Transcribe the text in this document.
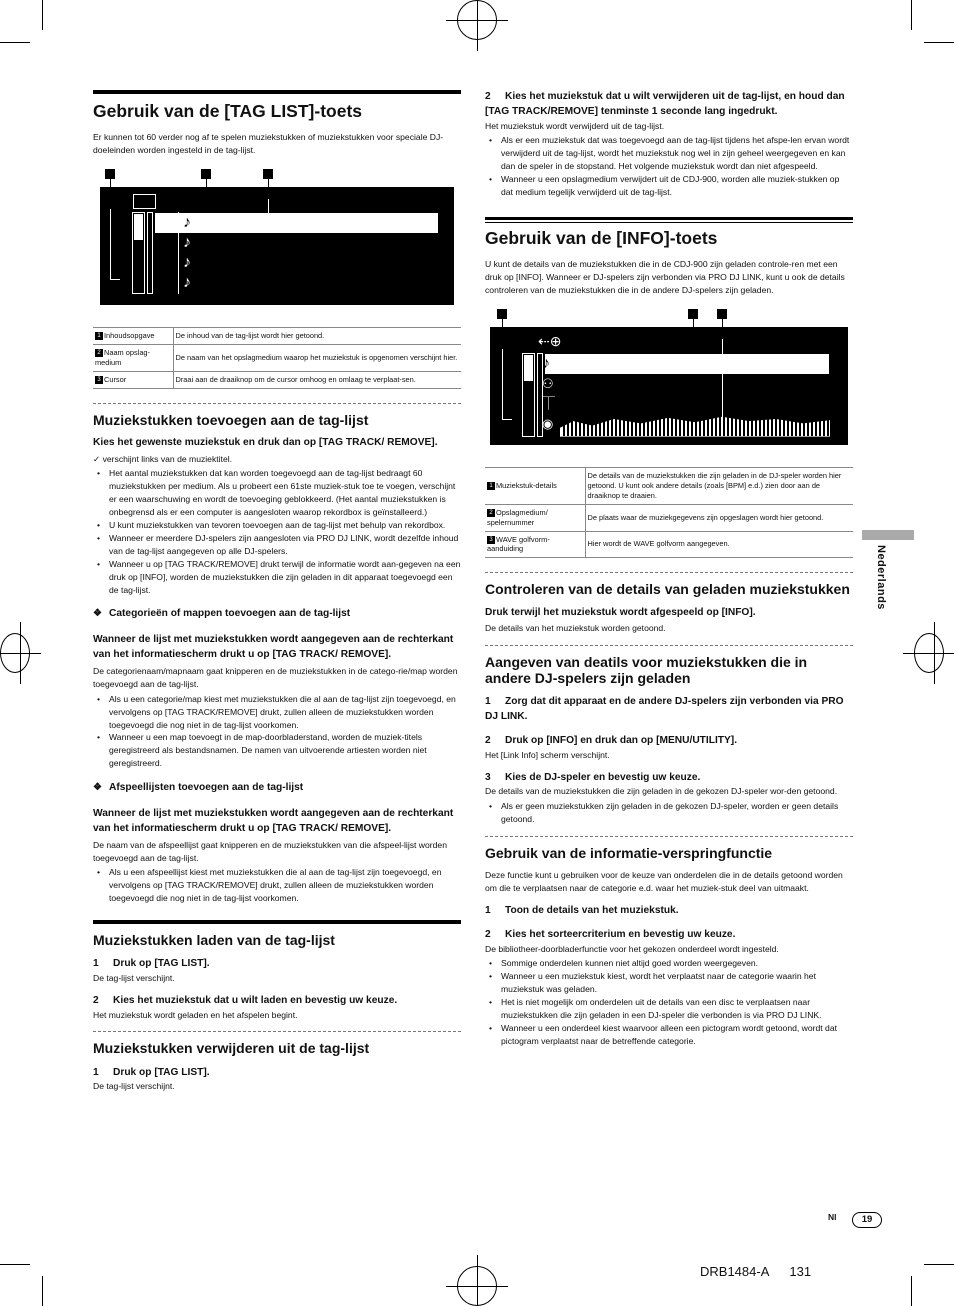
Gebruik van de [TAG LIST]-toets
Er kunnen tot 60 verder nog af te spelen muziekstukken of muziekstukken voor speciale DJ-doeleinden worden ingesteld in de tag-lijst.
♪
♪
♪
♪
1 Inhoudsopgave	De inhoud van de tag-lijst wordt hier getoond.
2 Naam opslag-medium	De naam van het opslagmedium waarop het muziekstuk is opgenomen verschijnt hier.
3 Cursor	Draai aan de draaiknop om de cursor omhoog en omlaag te verplaat-sen.
Muziekstukken toevoegen aan de tag-lijst
Kies het gewenste muziekstuk en druk dan op [TAG TRACK/ REMOVE].
✓ verschijnt links van de muziektitel.
• Het aantal muziekstukken dat kan worden toegevoegd aan de tag-lijst bedraagt 60 muziekstukken per medium. Als u probeert een 61ste muziek-stuk toe te voegen, verschijnt er een waarschuwing en wordt de toevoeging geblokkeerd. (Het aantal muziekstukken is onbegrensd als er een computer is aangesloten waarop rekordbox is geïnstalleerd.)
• U kunt muziekstukken van tevoren toevoegen aan de tag-lijst met behulp van rekordbox.
• Wanneer er meerdere DJ-spelers zijn aangesloten via PRO DJ LINK, wordt dezelfde inhoud van de tag-lijst aangegeven op alle DJ-spelers.
• Wanneer u op [TAG TRACK/REMOVE] drukt terwijl de informatie wordt aan-gegeven na een druk op [INFO], worden de muziekstukken die zijn geladen in dit apparaat toegevoegd een de tag-lijst.
❖ Categorieën of mappen toevoegen aan de tag-lijst
Wanneer de lijst met muziekstukken wordt aangegeven aan de rechterkant van het informatiescherm drukt u op [TAG TRACK/ REMOVE].
De categorienaam/mapnaam gaat knipperen en de muziekstukken in de catego-rie/map worden toegevoegd aan de tag-lijst.
• Als u een categorie/map kiest met muziekstukken die al aan de tag-lijst zijn toegevoegd, en vervolgens op [TAG TRACK/REMOVE] drukt, zullen alleen de muziekstukken worden toegevoegd die nog niet in de tag-lijst voorkomen.
• Wanneer u een map toevoegt in de map-doorbladerstand, worden de muziek-titels geregistreerd als bestandsnamen. De namen van uitvoerende artiesten worden niet geregistreerd.
❖ Afspeellijsten toevoegen aan de tag-lijst
Wanneer de lijst met muziekstukken wordt aangegeven aan de rechterkant van het informatiescherm drukt u op [TAG TRACK/ REMOVE].
De naam van de afspeellijst gaat knipperen en de muziekstukken van die afspeel-lijst worden toegevoegd aan de tag-lijst.
• Als u een afspeellijst kiest met muziekstukken die al aan de tag-lijst zijn toegevoegd, en vervolgens op [TAG TRACK/REMOVE] drukt, zullen alleen de muziekstukken worden toegevoegd die nog niet in de tag-lijst voorkomen.
Muziekstukken laden van de tag-lijst
1 Druk op [TAG LIST].
De tag-lijst verschijnt.
2 Kies het muziekstuk dat u wilt laden en bevestig uw keuze.
Het muziekstuk wordt geladen en het afspelen begint.
Muziekstukken verwijderen uit de tag-lijst
1 Druk op [TAG LIST].
De tag-lijst verschijnt.
2 Kies het muziekstuk dat u wilt verwijderen uit de tag-lijst, en houd dan [TAG TRACK/REMOVE] tenminste 1 seconde lang ingedrukt.
Het muziekstuk wordt verwijderd uit de tag-lijst.
• Als er een muziekstuk dat was toegevoegd aan de tag-lijst tijdens het afspe-len ervan wordt verwijderd uit de tag-lijst, wordt het muziekstuk nog wel in zijn geheel weergegeven en kan dan de speler in de stopstand. Het volgende muziekstuk wordt dan niet afgespeeld.
• Wanneer u een opslagmedium verwijdert uit de CDJ-900, worden alle muziek-stukken op dat medium tegelijk verwijderd uit de tag-lijst.
Gebruik van de [INFO]-toets
U kunt de details van de muziekstukken die in de CDJ-900 zijn geladen controle-ren met een druk op [INFO]. Wanneer er DJ-spelers zijn verbonden via PRO DJ LINK, kunt u ook de details controleren van de muziekstukken die in de andere DJ-spelers zijn geladen.
⇠⊕
♪
⚇
⏉
◉
1 Muziekstuk-details	De details van de muziekstukken die zijn geladen in de DJ-speler worden hier getoond. U kunt ook andere details (zoals [BPM] e.d.) zien door aan de draaiknop te draaien.
2 Opslagmedium/ spelernummer	De plaats waar de muziekgegevens zijn opgeslagen wordt hier getoond.
3 WAVE golfvorm-aanduiding	Hier wordt de WAVE golfvorm aangegeven.
Controleren van de details van geladen muziekstukken
Druk terwijl het muziekstuk wordt afgespeeld op [INFO].
De details van het muziekstuk worden getoond.
Aangeven van deatils voor muziekstukken die in andere DJ-spelers zijn geladen
1 Zorg dat dit apparaat en de andere DJ-spelers zijn verbonden via PRO DJ LINK.
2 Druk op [INFO] en druk dan op [MENU/UTILITY].
Het [Link Info] scherm verschijnt.
3 Kies de DJ-speler en bevestig uw keuze.
De details van de muziekstukken die zijn geladen in de gekozen DJ-speler wor-den getoond.
• Als er geen muziekstukken zijn geladen in de gekozen DJ-speler, worden er geen details getoond.
Gebruik van de informatie-verspringfunctie
Deze functie kunt u gebruiken voor de keuze van onderdelen die in de details getoond worden om die te verplaatsen naar de categorie e.d. waar het muziek-stuk deel van uitmaakt.
1 Toon de details van het muziekstuk.
2 Kies het sorteercriterium en bevestig uw keuze.
De bibliotheer-doorbladerfunctie voor het gekozen onderdeel wordt ingesteld.
• Sommige onderdelen kunnen niet altijd goed worden weergegeven.
• Wanneer u een muziekstuk kiest, wordt het verplaatst naar de categorie waarin het muziekstuk was geladen.
• Het is niet mogelijk om onderdelen uit de details van een disc te verplaatsen naar muziekstukken die zijn geladen in een DJ-speler die verbonden is via PRO DJ LINK.
• Wanneer u een onderdeel kiest waarvoor alleen een pictogram wordt getoond, wordt dat pictogram verplaatst naar de betreffende categorie.
Nederlands
Nl	19
DRB1484-A 131
